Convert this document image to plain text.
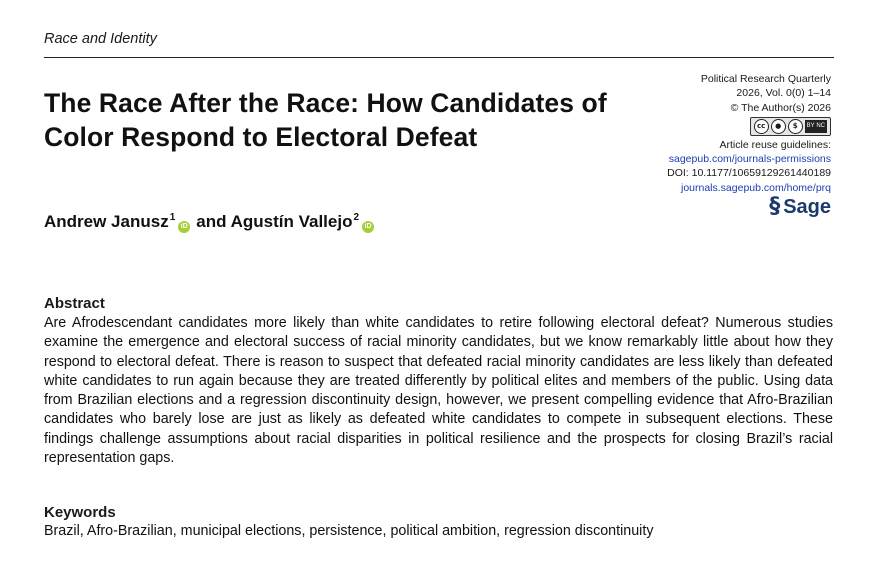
Race and Identity
The Race After the Race: How Candidates of Color Respond to Electoral Defeat
Political Research Quarterly
2026, Vol. 0(0) 1–14
© The Author(s) 2026
cc	●	$	BY
NC
Article reuse guidelines:
sagepub.com/journals-permissions
DOI: 10.1177/10659129261440189
journals.sagepub.com/home/prq
§ Sage
Andrew Janusz$^1$iD and Agustín Vallejo$^2$iD
Abstract
Are Afrodescendant candidates more likely than white candidates to retire following electoral defeat? Numerous studies examine the emergence and electoral success of racial minority candidates, but we know remarkably little about how they respond to electoral defeat. There is reason to suspect that defeated racial minority candidates are less likely than defeated white candidates to run again because they are treated differently by political elites and members of the public. Using data from Brazilian elections and a regression discontinuity design, however, we present compelling evidence that Afro-Brazilian candidates who barely lose are just as likely as defeated white candidates to compete in subsequent elections. These findings challenge assumptions about racial disparities in political resilience and the prospects for closing Brazil’s racial representation gaps.
Keywords
Brazil, Afro-Brazilian, municipal elections, persistence, political ambition, regression discontinuity
